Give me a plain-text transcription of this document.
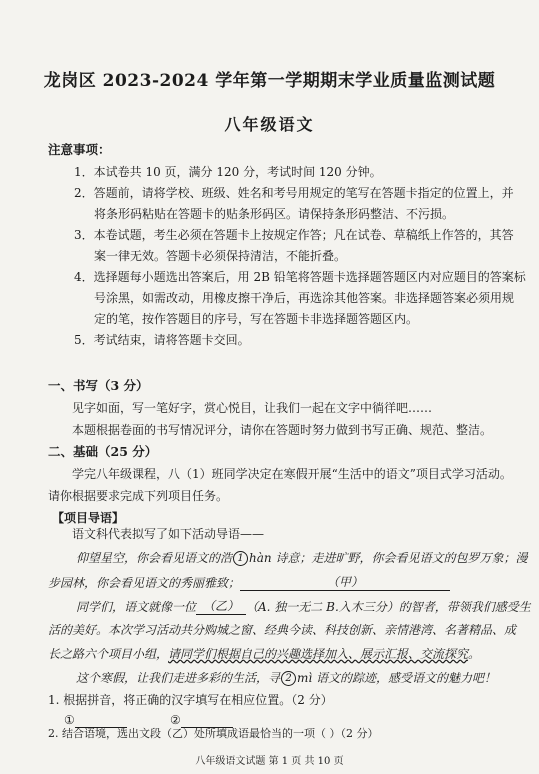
龙岗区 2023-2024 学年第一学期期末学业质量监测试题
八年级语文
注意事项：
1．本试卷共 10 页，满分 120 分，考试时间 120 分钟。
2．答题前，请将学校、班级、姓名和考号用规定的笔写在答题卡指定的位置上，并
将条形码粘贴在答题卡的贴条形码区。请保持条形码整洁、不污损。
3．本卷试题，考生必须在答题卡上按规定作答；凡在试卷、草稿纸上作答的，其答
案一律无效。答题卡必须保持清洁，不能折叠。
4．选择题每小题选出答案后，用 2B 铅笔将答题卡选择题答题区内对应题目的答案标
号涂黑，如需改动，用橡皮擦干净后，再选涂其他答案。非选择题答案必须用规
定的笔，按作答题目的序号，写在答题卡非选择题答题区内。
5．考试结束，请将答题卡交回。
一、书写（3 分）
见字如面，写一笔好字，赏心悦目，让我们一起在文字中徜徉吧……
本题根据卷面的书写情况评分，请你在答题时努力做到书写正确、规范、整洁。
二、基础（25 分）
学完八年级课程，八（1）班同学决定在寒假开展“生活中的语文”项目式学习活动。
请你根据要求完成下列项目任务。
【项目导语】
语文科代表拟写了如下活动导语——
仰望星空，你会看见语文的浩 1 hàn 诗意；走进旷野，你会看见语文的包罗万象；漫
步园林，你会看见语文的秀丽雅致；	（甲）
同学们，语文就像一位 （乙） （A. 独一无二 B.入木三分）的智者，带领我们感受生
活的美好。本次学习活动共分购城之窗、经典今读、科技创新、亲情港湾、名著精品、成
长之路六个项目小组，请同学们根据自己的兴趣选择加入、展示汇报、交流探究。
这个寒假，让我们走进多彩的生活，寻 2 mì 语文的踪迹，感受语文的魅力吧！
1. 根据拼音，将正确的汉字填写在相应位置。（2 分）
①	②
八年级语文试题 第 1 页 共 10 页
2. 结合语境，选出文段（乙）处所填成语最恰当的一项（ ）（2 分）
